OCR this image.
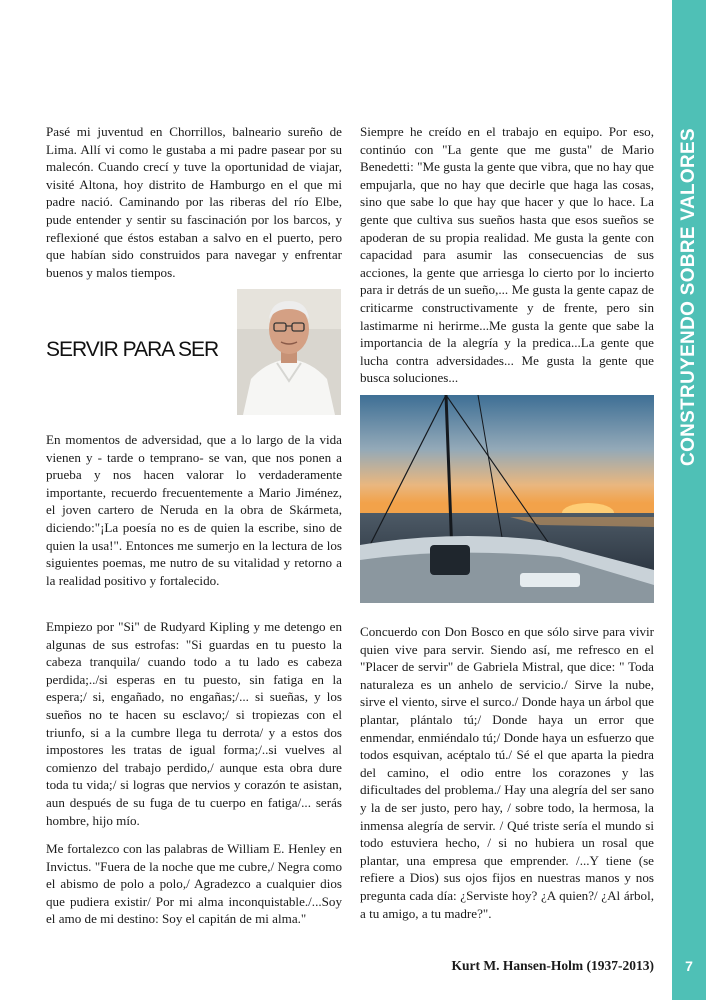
CONSTRUYENDO SOBRE VALORES
7

Pasé mi juventud en Chorrillos, balneario sureño de Lima. Allí vi como le gustaba a mi padre pasear por su malecón. Cuando crecí y tuve la oportunidad de viajar, visité Altona, hoy distrito de Hamburgo en el que mi padre nació. Caminando por las riberas del río Elbe, pude entender y sentir su fascinación por los barcos, y reflexioné que éstos estaban a salvo en el puerto, pero que habían sido construidos para navegar y enfrentar buenos y malos tiempos.

SERVIR PARA SER

En momentos de adversidad, que a lo largo de la vida vienen y - tarde o temprano- se van, que nos ponen a prueba y nos hacen valorar lo verdaderamente importante, recuerdo frecuentemente a Mario Jiménez, el joven cartero de Neruda en la obra de Skármeta, diciendo:"¡La poesía no es de quien la escribe, sino de quien la usa!". Entonces me sumerjo en la lectura de los siguientes poemas, me nutro de su vitalidad y retorno a la realidad positivo y fortalecido.

Empiezo por "Si" de Rudyard Kipling y me detengo en algunas de sus estrofas: "Si guardas en tu puesto la cabeza tranquila/ cuando todo a tu lado es cabeza perdida;../si esperas en tu puesto, sin fatiga en la espera;/ si, engañado, no engañas;/... si sueñas, y los sueños no te hacen su esclavo;/ si tropiezas con el triunfo, si a la cumbre llega tu derrota/ y a estos dos impostores les tratas de igual forma;/..si vuelves al comienzo del trabajo perdido,/ aunque esta obra dure toda tu vida;/ si logras que nervios y corazón te asistan, aun después de su fuga de tu cuerpo en fatiga/... serás hombre, hijo mío.

Me fortalezco con las palabras de William E. Henley en Invictus. "Fuera de la noche que me cubre,/ Negra como el abismo de polo a polo,/ Agradezco a cualquier dios que pudiera existir/ Por mi alma inconquistable./...Soy el amo de mi destino: Soy el capitán de mi alma."

Siempre he creído en el trabajo en equipo. Por eso, continúo con "La gente que me gusta" de Mario Benedetti: "Me gusta la gente que vibra, que no hay que empujarla, que no hay que decirle que haga las cosas, sino que sabe lo que hay que hacer y que lo hace. La gente que cultiva sus sueños hasta que esos sueños se apoderan de su propia realidad. Me gusta la gente con capacidad para asumir las consecuencias de sus acciones, la gente que arriesga lo cierto por lo incierto para ir detrás de un sueño,... Me gusta la gente capaz de criticarme constructivamente y de frente, pero sin lastimarme ni herirme...Me gusta la gente que sabe la importancia de la alegría y la predica...La gente que lucha contra adversidades... Me gusta la gente que busca soluciones...

Concuerdo con Don Bosco en que sólo sirve para vivir quien vive para servir. Siendo así, me refresco en el "Placer de servir" de Gabriela Mistral, que dice: " Toda naturaleza es un anhelo de servicio./ Sirve la nube, sirve el viento, sirve el surco./ Donde haya un árbol que plantar, plántalo tú;/ Donde haya un error que enmendar, enmiéndalo tú;/ Donde haya un esfuerzo que todos esquivan, acéptalo tú./ Sé el que aparta la piedra del camino, el odio entre los corazones y las dificultades del problema./ Hay una alegría del ser sano y la de ser justo, pero hay, / sobre todo, la hermosa, la inmensa alegría de servir. / Qué triste sería el mundo si todo estuviera hecho, / si no hubiera un rosal que plantar, una empresa que emprender. /...Y tiene (se refiere a Dios) sus ojos fijos en nuestras manos y nos pregunta cada día: ¿Serviste hoy? ¿A quien?/ ¿Al árbol, a tu amigo, a tu madre?".

Kurt M. Hansen-Holm (1937-2013)
